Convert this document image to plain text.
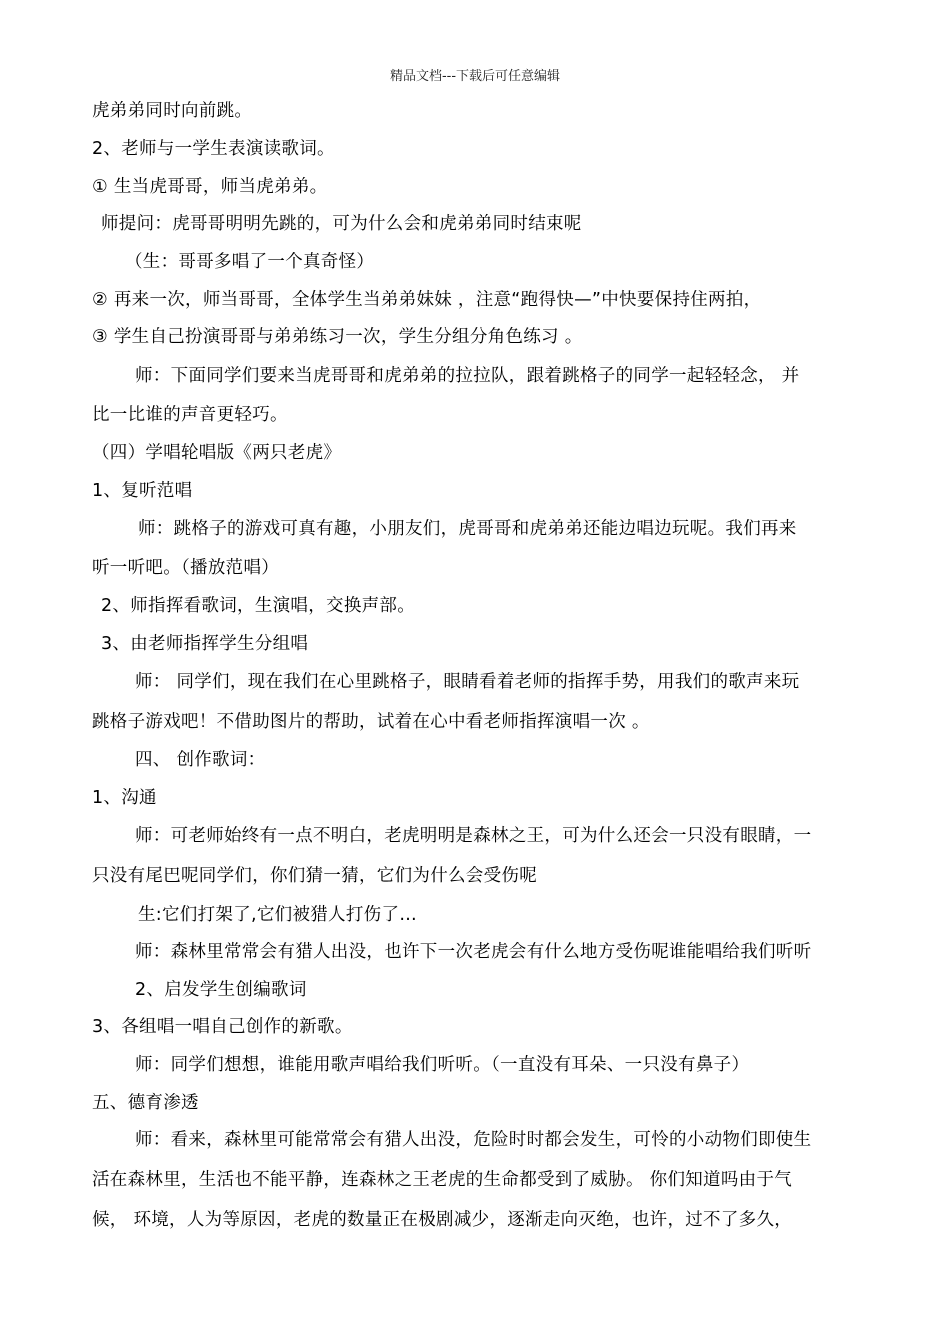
精品文档---下载后可任意编辑
虎弟弟同时向前跳。
2、老师与一学生表演读歌词。
① 生当虎哥哥，师当虎弟弟。
师提问：虎哥哥明明先跳的，可为什么会和虎弟弟同时结束呢
（生：哥哥多唱了一个真奇怪）
② 再来一次，师当哥哥，全体学生当弟弟妹妹 ，注意“跑得快—”中快要保持住两拍，
③ 学生自己扮演哥哥与弟弟练习一次，学生分组分角色练习 。
师：下面同学们要来当虎哥哥和虎弟弟的拉拉队，跟着跳格子的同学一起轻轻念， 并
比一比谁的声音更轻巧。
（四）学唱轮唱版《两只老虎》
1、复听范唱
师：跳格子的游戏可真有趣，小朋友们，虎哥哥和虎弟弟还能边唱边玩呢。我们再来
听一听吧。（播放范唱）
2、师指挥看歌词，生演唱，交换声部。
3、由老师指挥学生分组唱
师： 同学们，现在我们在心里跳格子，眼睛看着老师的指挥手势，用我们的歌声来玩
跳格子游戏吧！不借助图片的帮助，试着在心中看老师指挥演唱一次 。
四、 创作歌词：
1、沟通
师：可老师始终有一点不明白，老虎明明是森林之王，可为什么还会一只没有眼睛，一
只没有尾巴呢同学们，你们猜一猜，它们为什么会受伤呢
生:它们打架了,它们被猎人打伤了…
师：森林里常常会有猎人出没，也许下一次老虎会有什么地方受伤呢谁能唱给我们听听
2、启发学生创编歌词
3、各组唱一唱自己创作的新歌。
师：同学们想想，谁能用歌声唱给我们听听。（一直没有耳朵、一只没有鼻子）
五、德育渗透
师：看来，森林里可能常常会有猎人出没，危险时时都会发生，可怜的小动物们即使生
活在森林里，生活也不能平静，连森林之王老虎的生命都受到了威胁。 你们知道吗由于气
候， 环境，人为等原因，老虎的数量正在极剧减少，逐渐走向灭绝，也许，过不了多久，
